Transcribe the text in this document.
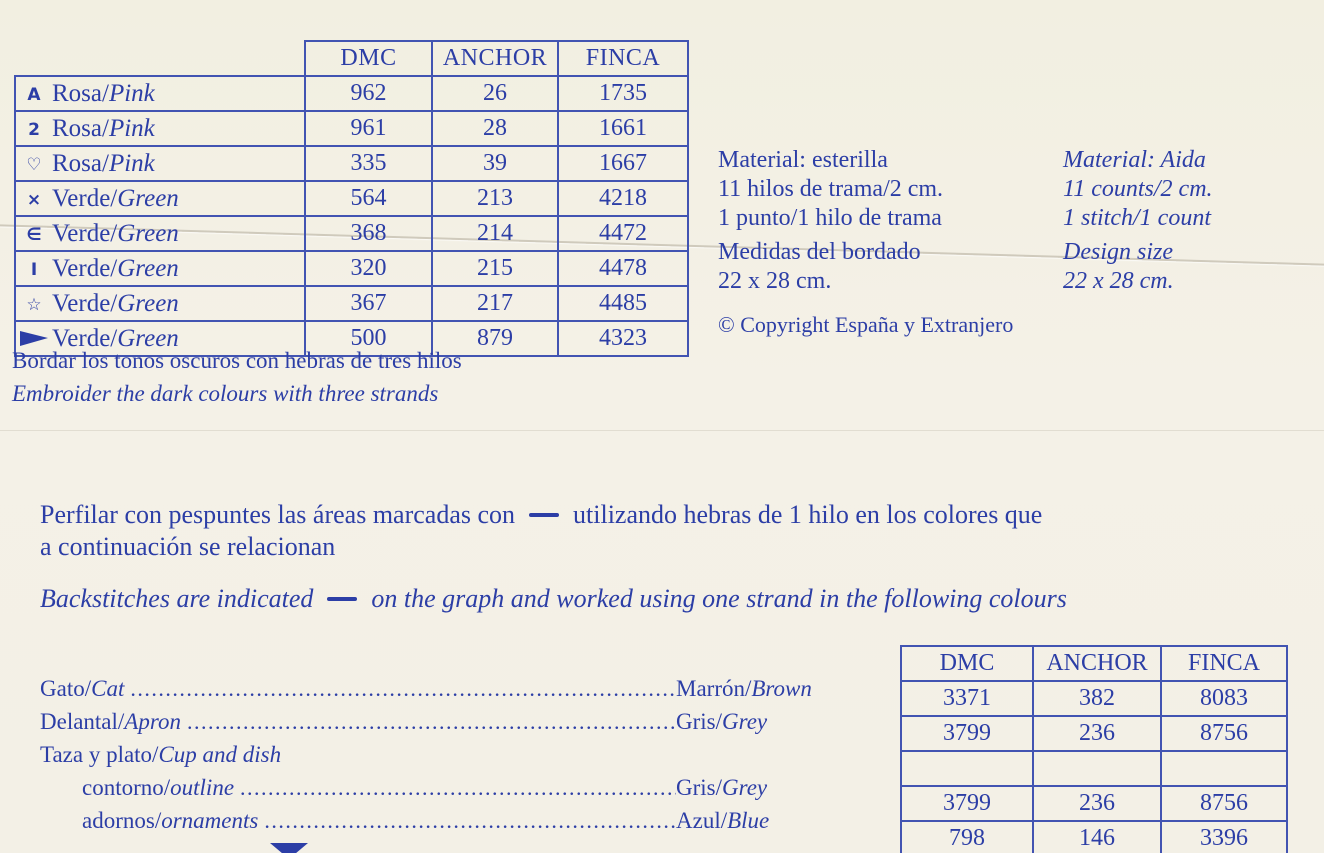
	DMC	ANCHOR	FINCA
A Rosa/Pink	962	26	1735
2 Rosa/Pink	961	28	1661
♡ Rosa/Pink	335	39	1667
× Verde/Green	564	213	4218
∈ Verde/Green	368	214	4472
I Verde/Green	320	215	4478
☆ Verde/Green	367	217	4485
Verde/Green	500	879	4323
Material: esterilla
11 hilos de trama/2 cm.
1 punto/1 hilo de trama
Medidas del bordado
22 x 28 cm.
Material: Aida
11 counts/2 cm.
1 stitch/1 count
Design size
22 x 28 cm.
© Copyright España y Extranjero
Bordar los tonos oscuros con hebras de tres hilos
Embroider the dark colours with three strands
Perfilar con pespuntes las áreas marcadas con utilizando hebras de 1 hilo en los colores que
a continuación se relacionan
Backstitches are indicated on the graph and worked using one strand in the following colours
Gato/Cat .....	Marrón/Brown
Delantal/Apron .....	Gris/Grey
Taza y plato/Cup and dish
contorno/outline .....	Gris/Grey
adornos/ornaments .....	Azul/Blue
DMC	ANCHOR	FINCA
3371	382	8083
3799	236	8756

3799	236	8756
798	146	3396
